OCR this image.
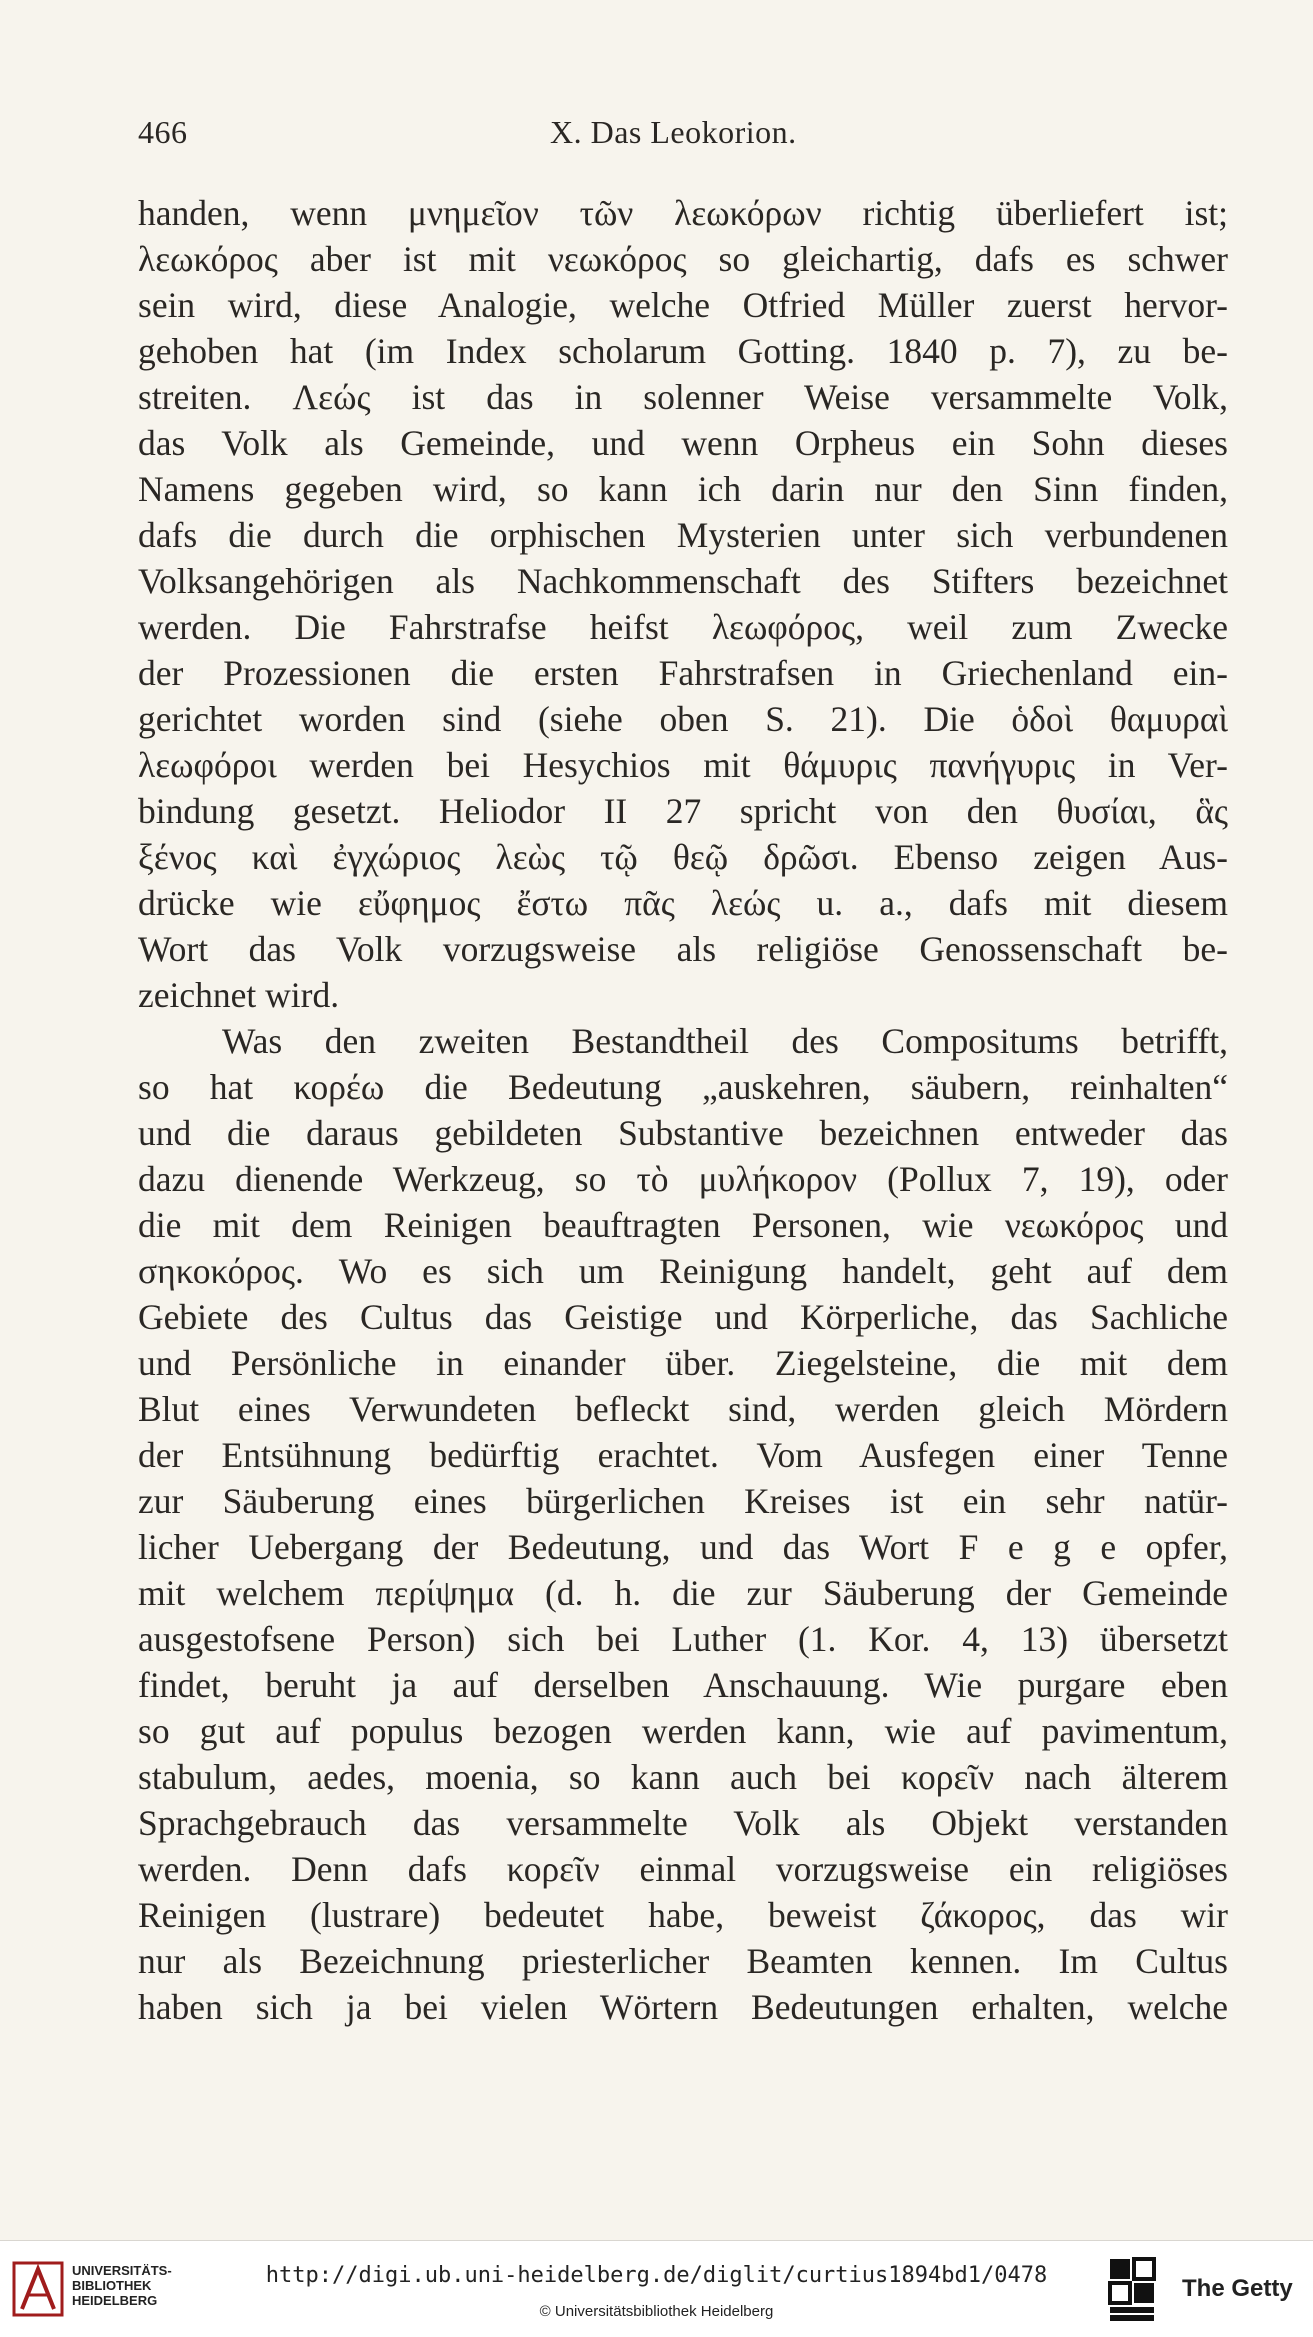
466	X. Das Leokorion.
handen, wenn μνημεῖον τῶν λεωκόρων richtig überliefert ist;
λεωκόρος aber ist mit νεωκόρος so gleichartig, dafs es schwer
sein wird, diese Analogie, welche Otfried Müller zuerst hervor-
gehoben hat (im Index scholarum Gotting. 1840 p. 7), zu be-
streiten. Λεώς ist das in solenner Weise versammelte Volk,
das Volk als Gemeinde, und wenn Orpheus ein Sohn dieses
Namens gegeben wird, so kann ich darin nur den Sinn finden,
dafs die durch die orphischen Mysterien unter sich verbundenen
Volksangehörigen als Nachkommenschaft des Stifters bezeichnet
werden. Die Fahrstrafse heifst λεωφόρος, weil zum Zwecke
der Prozessionen die ersten Fahrstrafsen in Griechenland ein-
gerichtet worden sind (siehe oben S. 21). Die ὁδοὶ θαμυραὶ
λεωφόροι werden bei Hesychios mit θάμυρις πανήγυρις in Ver-
bindung gesetzt. Heliodor II 27 spricht von den θυσίαι, ἃς
ξένος καὶ ἐγχώριος λεὼς τῷ θεῷ δρῶσι. Ebenso zeigen Aus-
drücke wie εὔφημος ἔστω πᾶς λεώς u. a., dafs mit diesem
Wort das Volk vorzugsweise als religiöse Genossenschaft be-
zeichnet wird.
Was den zweiten Bestandtheil des Compositums betrifft,
so hat κορέω die Bedeutung „auskehren, säubern, reinhalten“
und die daraus gebildeten Substantive bezeichnen entweder das
dazu dienende Werkzeug, so τὸ μυλήκορον (Pollux 7, 19), oder
die mit dem Reinigen beauftragten Personen, wie νεωκόρος und
σηκοκόρος. Wo es sich um Reinigung handelt, geht auf dem
Gebiete des Cultus das Geistige und Körperliche, das Sachliche
und Persönliche in einander über. Ziegelsteine, die mit dem
Blut eines Verwundeten befleckt sind, werden gleich Mördern
der Entsühnung bedürftig erachtet. Vom Ausfegen einer Tenne
zur Säuberung eines bürgerlichen Kreises ist ein sehr natür-
licher Uebergang der Bedeutung, und das Wort F e g e opfer,
mit welchem περίψημα (d. h. die zur Säuberung der Gemeinde
ausgestofsene Person) sich bei Luther (1. Kor. 4, 13) übersetzt
findet, beruht ja auf derselben Anschauung. Wie purgare eben
so gut auf populus bezogen werden kann, wie auf pavimentum,
stabulum, aedes, moenia, so kann auch bei κορεῖν nach älterem
Sprachgebrauch das versammelte Volk als Objekt verstanden
werden. Denn dafs κορεῖν einmal vorzugsweise ein religiöses
Reinigen (lustrare) bedeutet habe, beweist ζάκορος, das wir
nur als Bezeichnung priesterlicher Beamten kennen. Im Cultus
haben sich ja bei vielen Wörtern Bedeutungen erhalten, welche
UNIVERSITÄTS-
BIBLIOTHEK
HEIDELBERG
http://digi.ub.uni-heidelberg.de/diglit/curtius1894bd1/0478
© Universitätsbibliothek Heidelberg
The Getty
